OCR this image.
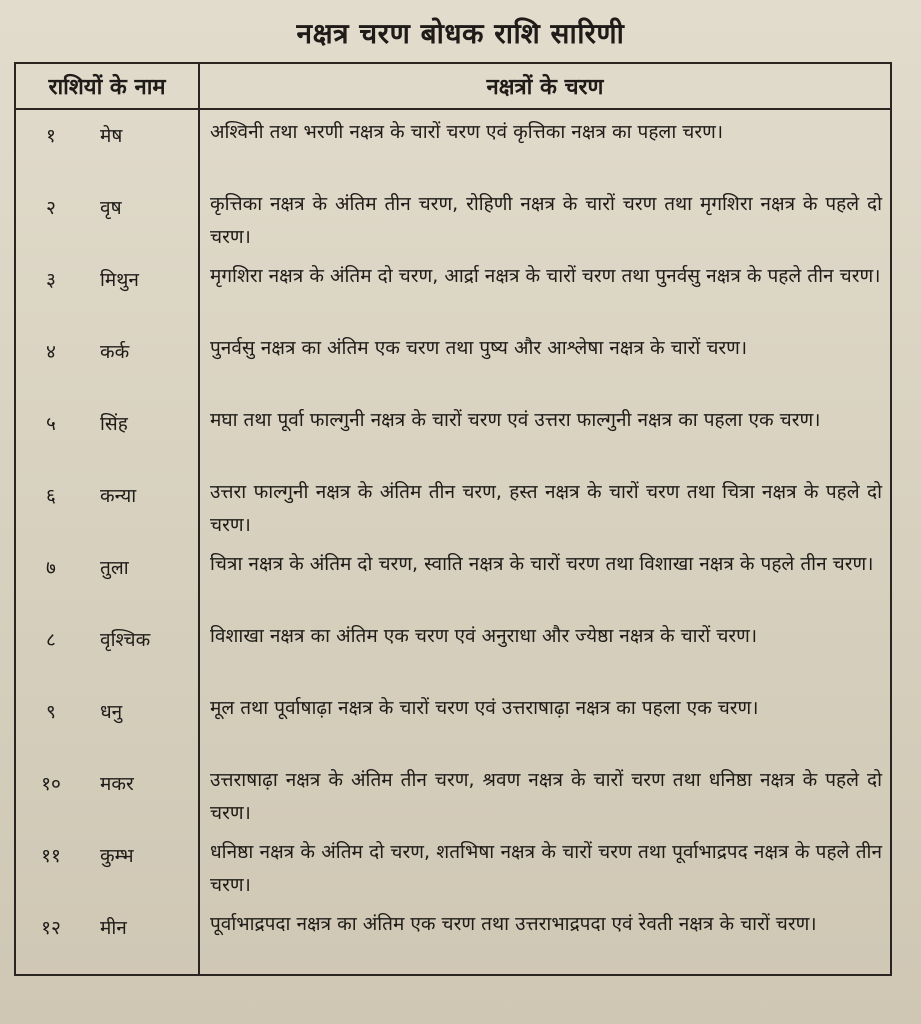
नक्षत्र चरण बोधक राशि सारिणी
राशियों के नाम	नक्षत्रों के चरण

१ मेष	अश्विनी तथा भरणी नक्षत्र के चारों चरण एवं कृत्तिका नक्षत्र का पहला चरण।

२ वृष	कृत्तिका नक्षत्र के अंतिम तीन चरण, रोहिणी नक्षत्र के चारों चरण तथा मृगशिरा नक्षत्र के पहले दो चरण।

३ मिथुन	मृगशिरा नक्षत्र के अंतिम दो चरण, आर्द्रा नक्षत्र के चारों चरण तथा पुनर्वसु नक्षत्र के पहले तीन चरण।

४ कर्क	पुनर्वसु नक्षत्र का अंतिम एक चरण तथा पुष्य और आश्लेषा नक्षत्र के चारों चरण।

५ सिंह	मघा तथा पूर्वा फाल्गुनी नक्षत्र के चारों चरण एवं उत्तरा फाल्गुनी नक्षत्र का पहला एक चरण।

६ कन्या	उत्तरा फाल्गुनी नक्षत्र के अंतिम तीन चरण, हस्त नक्षत्र के चारों चरण तथा चित्रा नक्षत्र के पहले दो चरण।

७ तुला	चित्रा नक्षत्र के अंतिम दो चरण, स्वाति नक्षत्र के चारों चरण तथा विशाखा नक्षत्र के पहले तीन चरण।

८ वृश्चिक	विशाखा नक्षत्र का अंतिम एक चरण एवं अनुराधा और ज्येष्ठा नक्षत्र के चारों चरण।

९ धनु	मूल तथा पूर्वाषाढ़ा नक्षत्र के चारों चरण एवं उत्तराषाढ़ा नक्षत्र का पहला एक चरण।

१० मकर	उत्तराषाढ़ा नक्षत्र के अंतिम तीन चरण, श्रवण नक्षत्र के चारों चरण तथा धनिष्ठा नक्षत्र के पहले दो चरण।

११ कुम्भ	धनिष्ठा नक्षत्र के अंतिम दो चरण, शतभिषा नक्षत्र के चारों चरण तथा पूर्वाभाद्रपद नक्षत्र के पहले तीन चरण।

१२ मीन	पूर्वाभाद्रपदा नक्षत्र का अंतिम एक चरण तथा उत्तराभाद्रपदा एवं रेवती नक्षत्र के चारों चरण।
